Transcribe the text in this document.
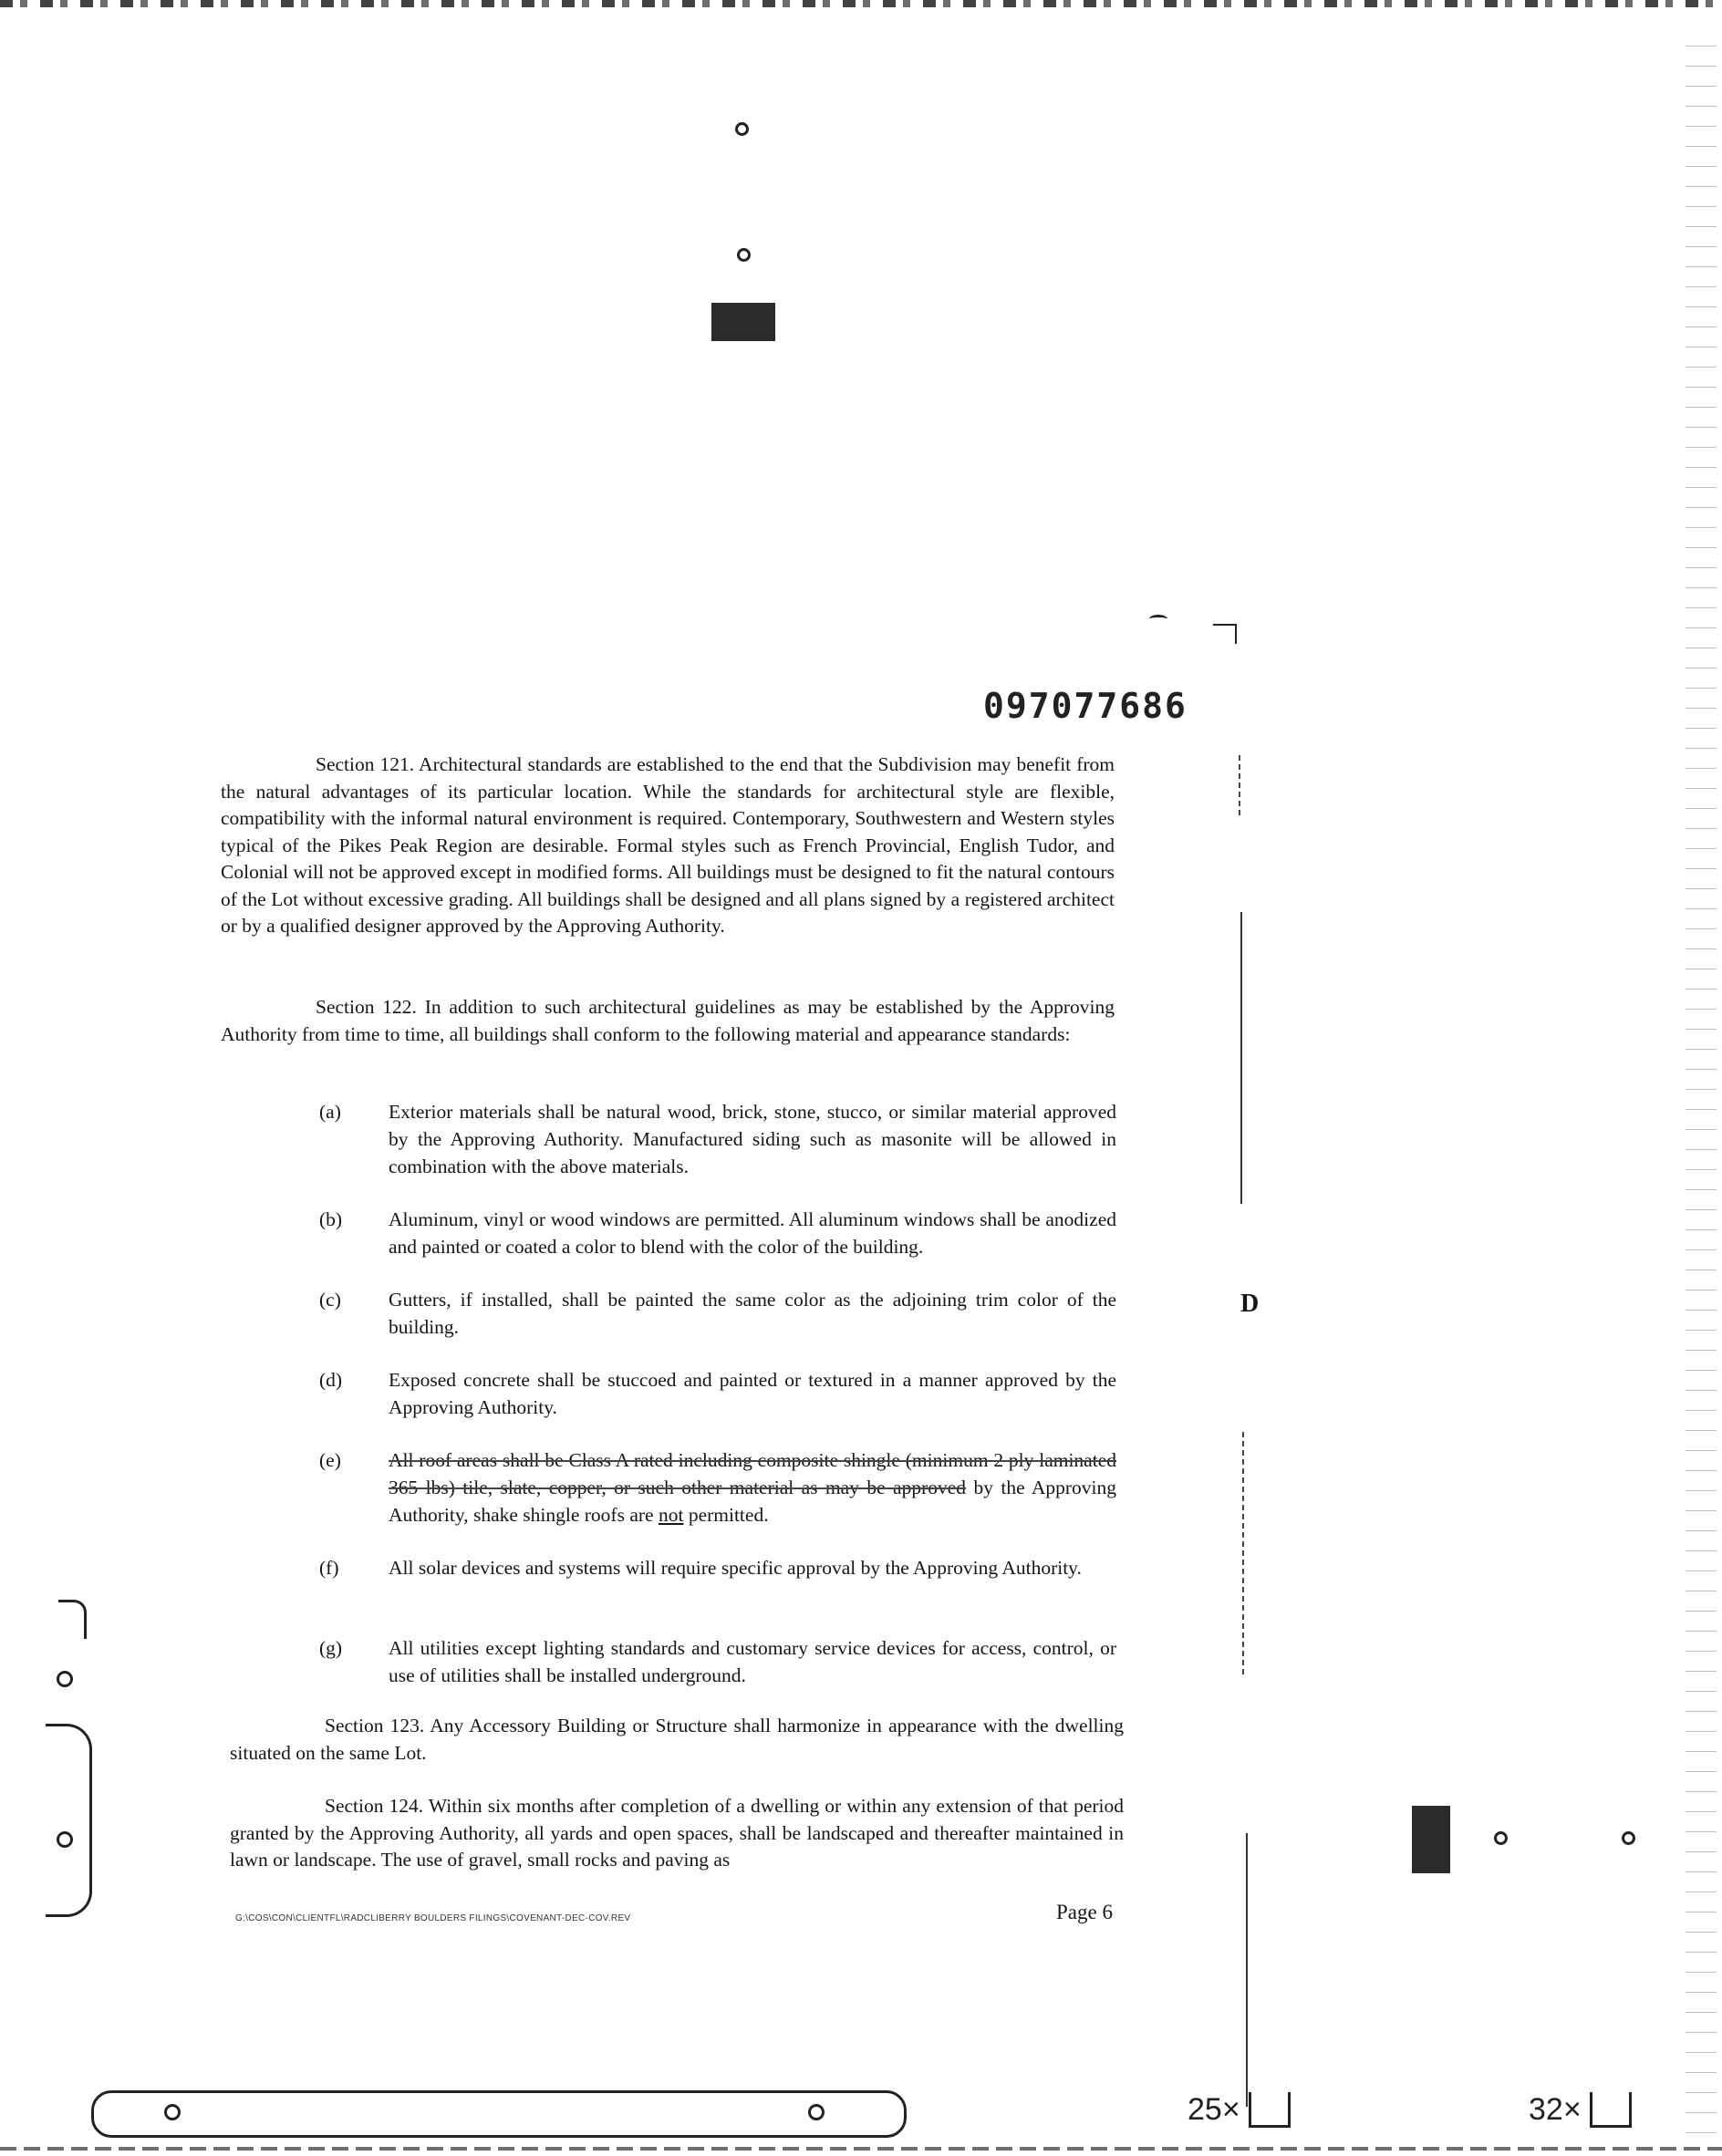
097077686
Section 121. Architectural standards are established to the end that the Subdivision may benefit from the natural advantages of its particular location. While the standards for architectural style are flexible, compatibility with the informal natural environment is required. Contemporary, Southwestern and Western styles typical of the Pikes Peak Region are desirable. Formal styles such as French Provincial, English Tudor, and Colonial will not be approved except in modified forms. All buildings must be designed to fit the natural contours of the Lot without excessive grading. All buildings shall be designed and all plans signed by a registered architect or by a qualified designer approved by the Approving Authority.
Section 122. In addition to such architectural guidelines as may be established by the Approving Authority from time to time, all buildings shall conform to the following material and appearance standards:
(a)	Exterior materials shall be natural wood, brick, stone, stucco, or similar material approved by the Approving Authority. Manufactured siding such as masonite will be allowed in combination with the above materials.
(b)	Aluminum, vinyl or wood windows are permitted. All aluminum windows shall be anodized and painted or coated a color to blend with the color of the building.
(c)	Gutters, if installed, shall be painted the same color as the adjoining trim color of the building.
(d)	Exposed concrete shall be stuccoed and painted or textured in a manner approved by the Approving Authority.
(e)	All roof areas shall be Class A rated including composite shingle (minimum 2 ply laminated 365 lbs) tile, slate, copper, or such other material as may be approved by the Approving Authority, shake shingle roofs are not permitted.
(f)	All solar devices and systems will require specific approval by the Approving Authority.
(g)	All utilities except lighting standards and customary service devices for access, control, or use of utilities shall be installed underground.
Section 123. Any Accessory Building or Structure shall harmonize in appearance with the dwelling situated on the same Lot.
Section 124. Within six months after completion of a dwelling or within any extension of that period granted by the Approving Authority, all yards and open spaces, shall be landscaped and thereafter maintained in lawn or landscape. The use of gravel, small rocks and paving as
G:\COS\CON\CLIENTFL\RADCLIBERRY BOULDERS FILINGS\COVENANT-DEC-COV.REV	Page 6
D
25×	32×
